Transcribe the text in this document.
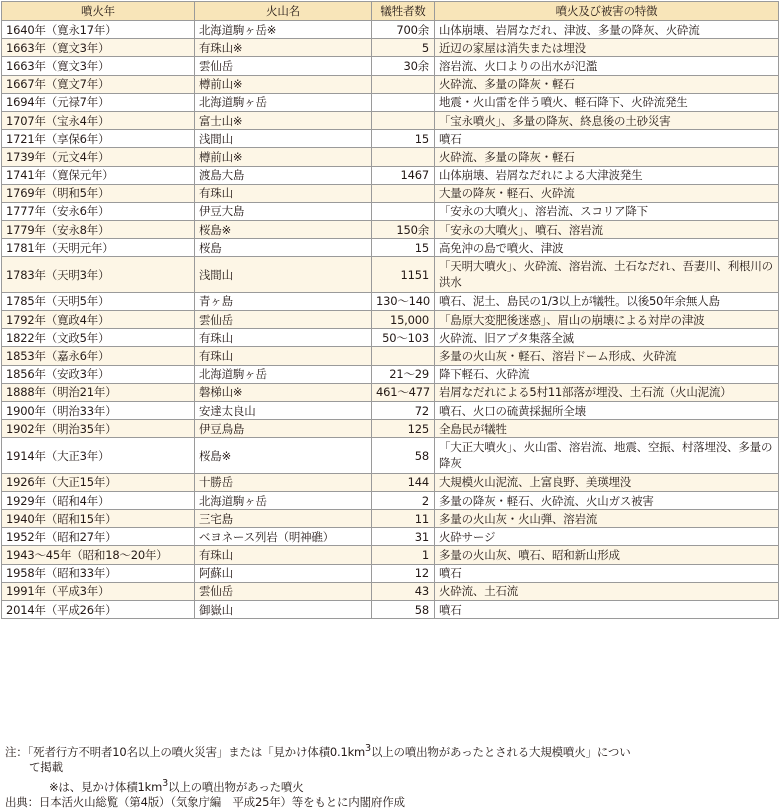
噴火年	火山名	犠牲者数	噴火及び被害の特徴
1640年（寛永17年）	北海道駒ヶ岳※	700余	山体崩壊、岩屑なだれ、津波、多量の降灰、火砕流
1663年（寛文3年）	有珠山※	5	近辺の家屋は消失または埋没
1663年（寛文3年）	雲仙岳	30余	溶岩流、火口よりの出水が氾濫
1667年（寛文7年）	樽前山※		火砕流、多量の降灰・軽石
1694年（元禄7年）	北海道駒ヶ岳		地震・火山雷を伴う噴火、軽石降下、火砕流発生
1707年（宝永4年）	富士山※		「宝永噴火」、多量の降灰、終息後の土砂災害
1721年（享保6年）	浅間山	15	噴石
1739年（元文4年）	樽前山※		火砕流、多量の降灰・軽石
1741年（寛保元年）	渡島大島	1467	山体崩壊、岩屑なだれによる大津波発生
1769年（明和5年）	有珠山		大量の降灰・軽石、火砕流
1777年（安永6年）	伊豆大島		「安永の大噴火」、溶岩流、スコリア降下
1779年（安永8年）	桜島※	150余	「安永の大噴火」、噴石、溶岩流
1781年（天明元年）	桜島	15	高免沖の島で噴火、津波
1783年（天明3年）	浅間山	1151	「天明大噴火」、火砕流、溶岩流、土石なだれ、吾妻川、利根川の洪水
1785年（天明5年）	青ヶ島	130～140	噴石、泥土、島民の1/3以上が犠牲。以後50年余無人島
1792年（寛政4年）	雲仙岳	15,000	「島原大変肥後迷惑」、眉山の崩壊による対岸の津波
1822年（文政5年）	有珠山	50～103	火砕流、旧アプタ集落全滅
1853年（嘉永6年）	有珠山		多量の火山灰・軽石、溶岩ドーム形成、火砕流
1856年（安政3年）	北海道駒ヶ岳	21～29	降下軽石、火砕流
1888年（明治21年）	磐梯山※	461～477	岩屑なだれによる5村11部落が埋没、土石流（火山泥流）
1900年（明治33年）	安達太良山	72	噴石、火口の硫黄採掘所全壊
1902年（明治35年）	伊豆鳥島	125	全島民が犠牲
1914年（大正3年）	桜島※	58	「大正大噴火」、火山雷、溶岩流、地震、空振、村落埋没、多量の降灰
1926年（大正15年）	十勝岳	144	大規模火山泥流、上富良野、美瑛埋没
1929年（昭和4年）	北海道駒ヶ岳	2	多量の降灰・軽石、火砕流、火山ガス被害
1940年（昭和15年）	三宅島	11	多量の火山灰・火山弾、溶岩流
1952年（昭和27年）	ベヨネース列岩（明神礁）	31	火砕サージ
1943～45年（昭和18～20年）	有珠山	1	多量の火山灰、噴石、昭和新山形成
1958年（昭和33年）	阿蘇山	12	噴石
1991年（平成3年）	雲仙岳	43	火砕流、土石流
2014年（平成26年）	御嶽山	58	噴石

注：「死者行方不明者10名以上の噴火災害」または「見かけ体積$0.1km^3$以上の噴出物があったとされる大規模噴火」につい

て掲載

※は、見かけ体積$1km^3$以上の噴出物があった噴火

出典：日本活火山総覧（第4版）（気象庁編　平成25年）等をもとに内閣府作成
